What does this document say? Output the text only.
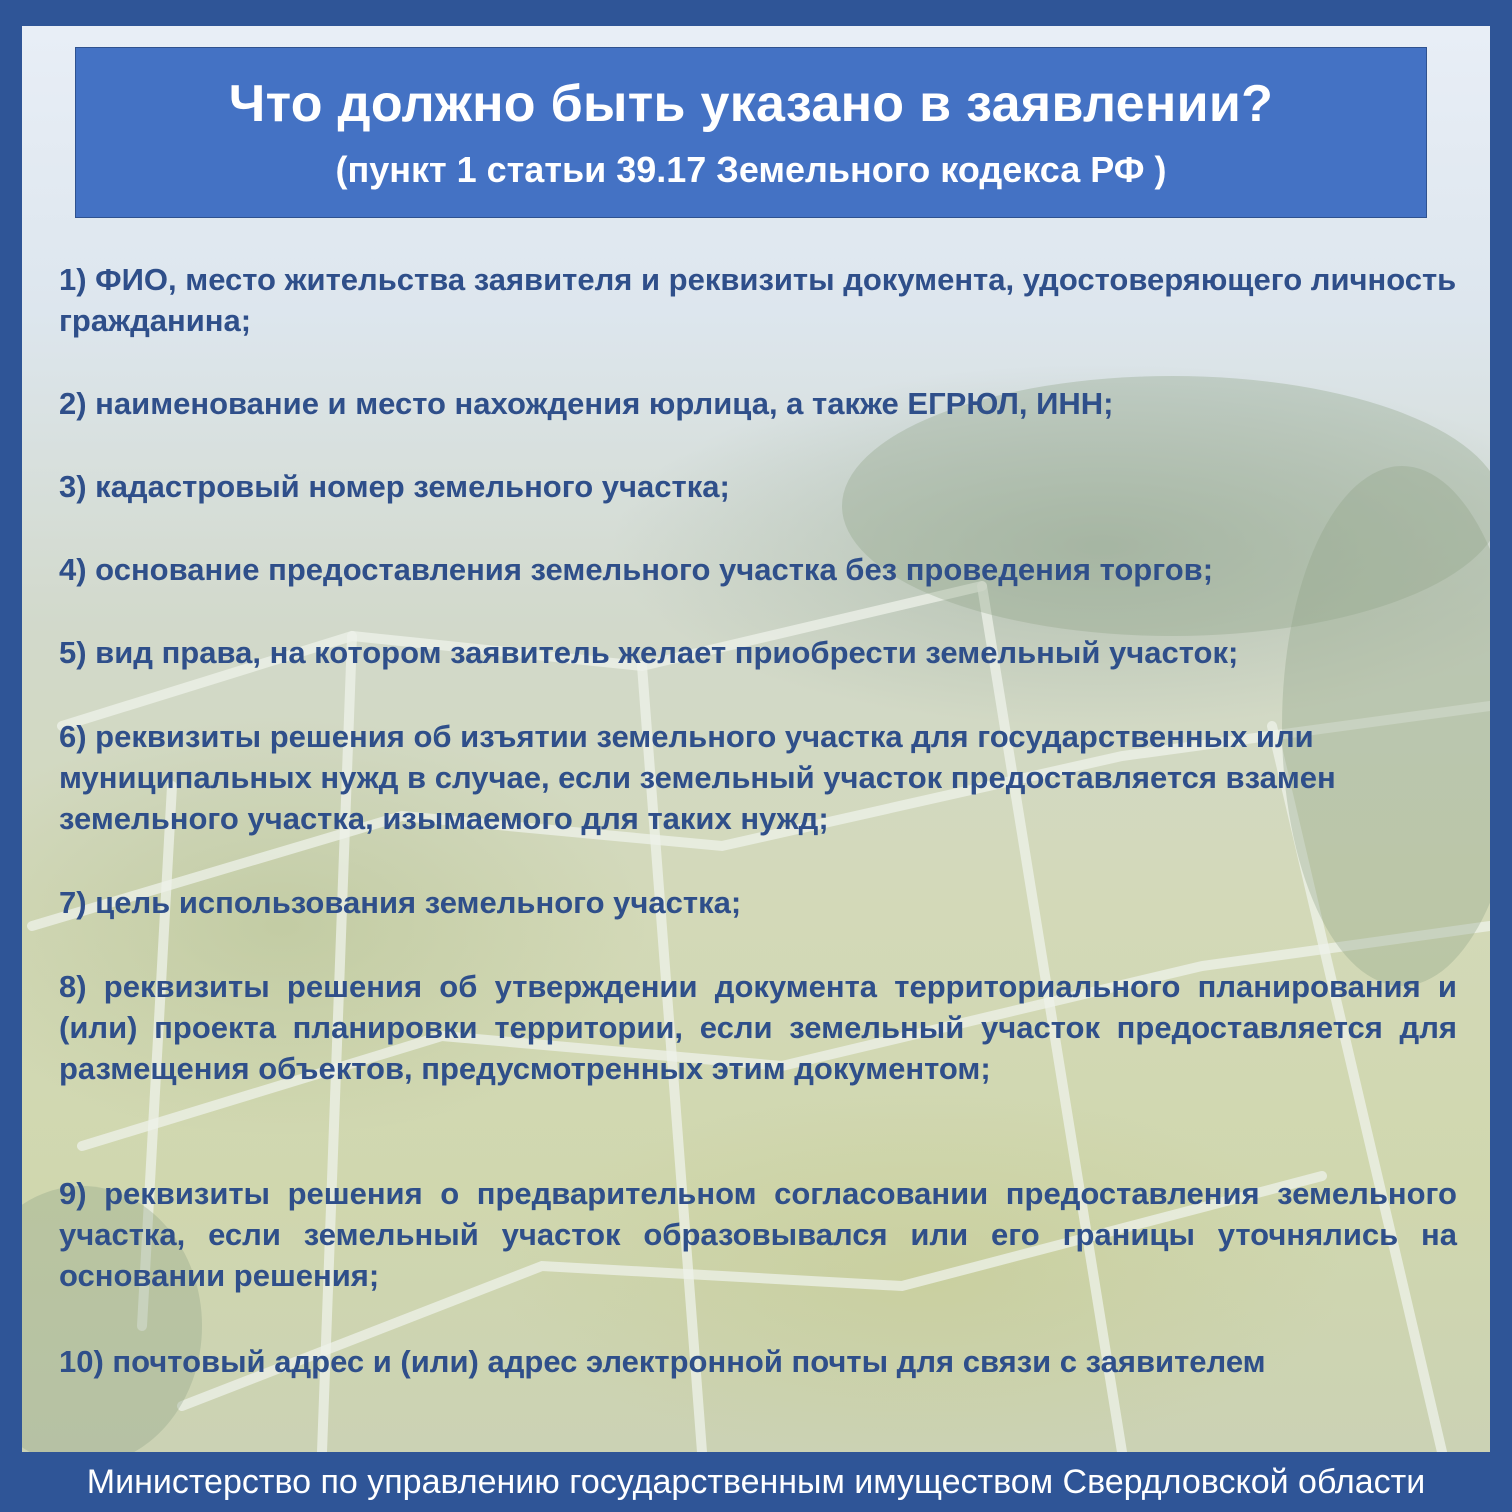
Что должно быть указано в заявлении?
(пункт 1 статьи 39.17 Земельного кодекса РФ )

1) ФИО, место жительства заявителя и реквизиты документа, удостоверяющего личность гражданина;

2) наименование и место нахождения юрлица, а также ЕГРЮЛ, ИНН;

3) кадастровый номер земельного участка;

4) основание предоставления земельного участка без проведения торгов;

5) вид права, на котором заявитель желает приобрести земельный участок;

6) реквизиты решения об изъятии земельного участка для государственных или муниципальных нужд в случае, если земельный участок предоставляется взамен земельного участка, изымаемого для таких нужд;

7) цель использования земельного участка;

8) реквизиты решения об утверждении документа территориального планирования и (или) проекта планировки территории, если земельный участок предоставляется для размещения объектов, предусмотренных этим документом;

9) реквизиты решения о предварительном согласовании предоставления земельного участка, если земельный участок образовывался или его границы уточнялись на основании решения;

10) почтовый адрес и (или) адрес электронной почты для связи с заявителем

Министерство по управлению государственным имуществом Свердловской области
